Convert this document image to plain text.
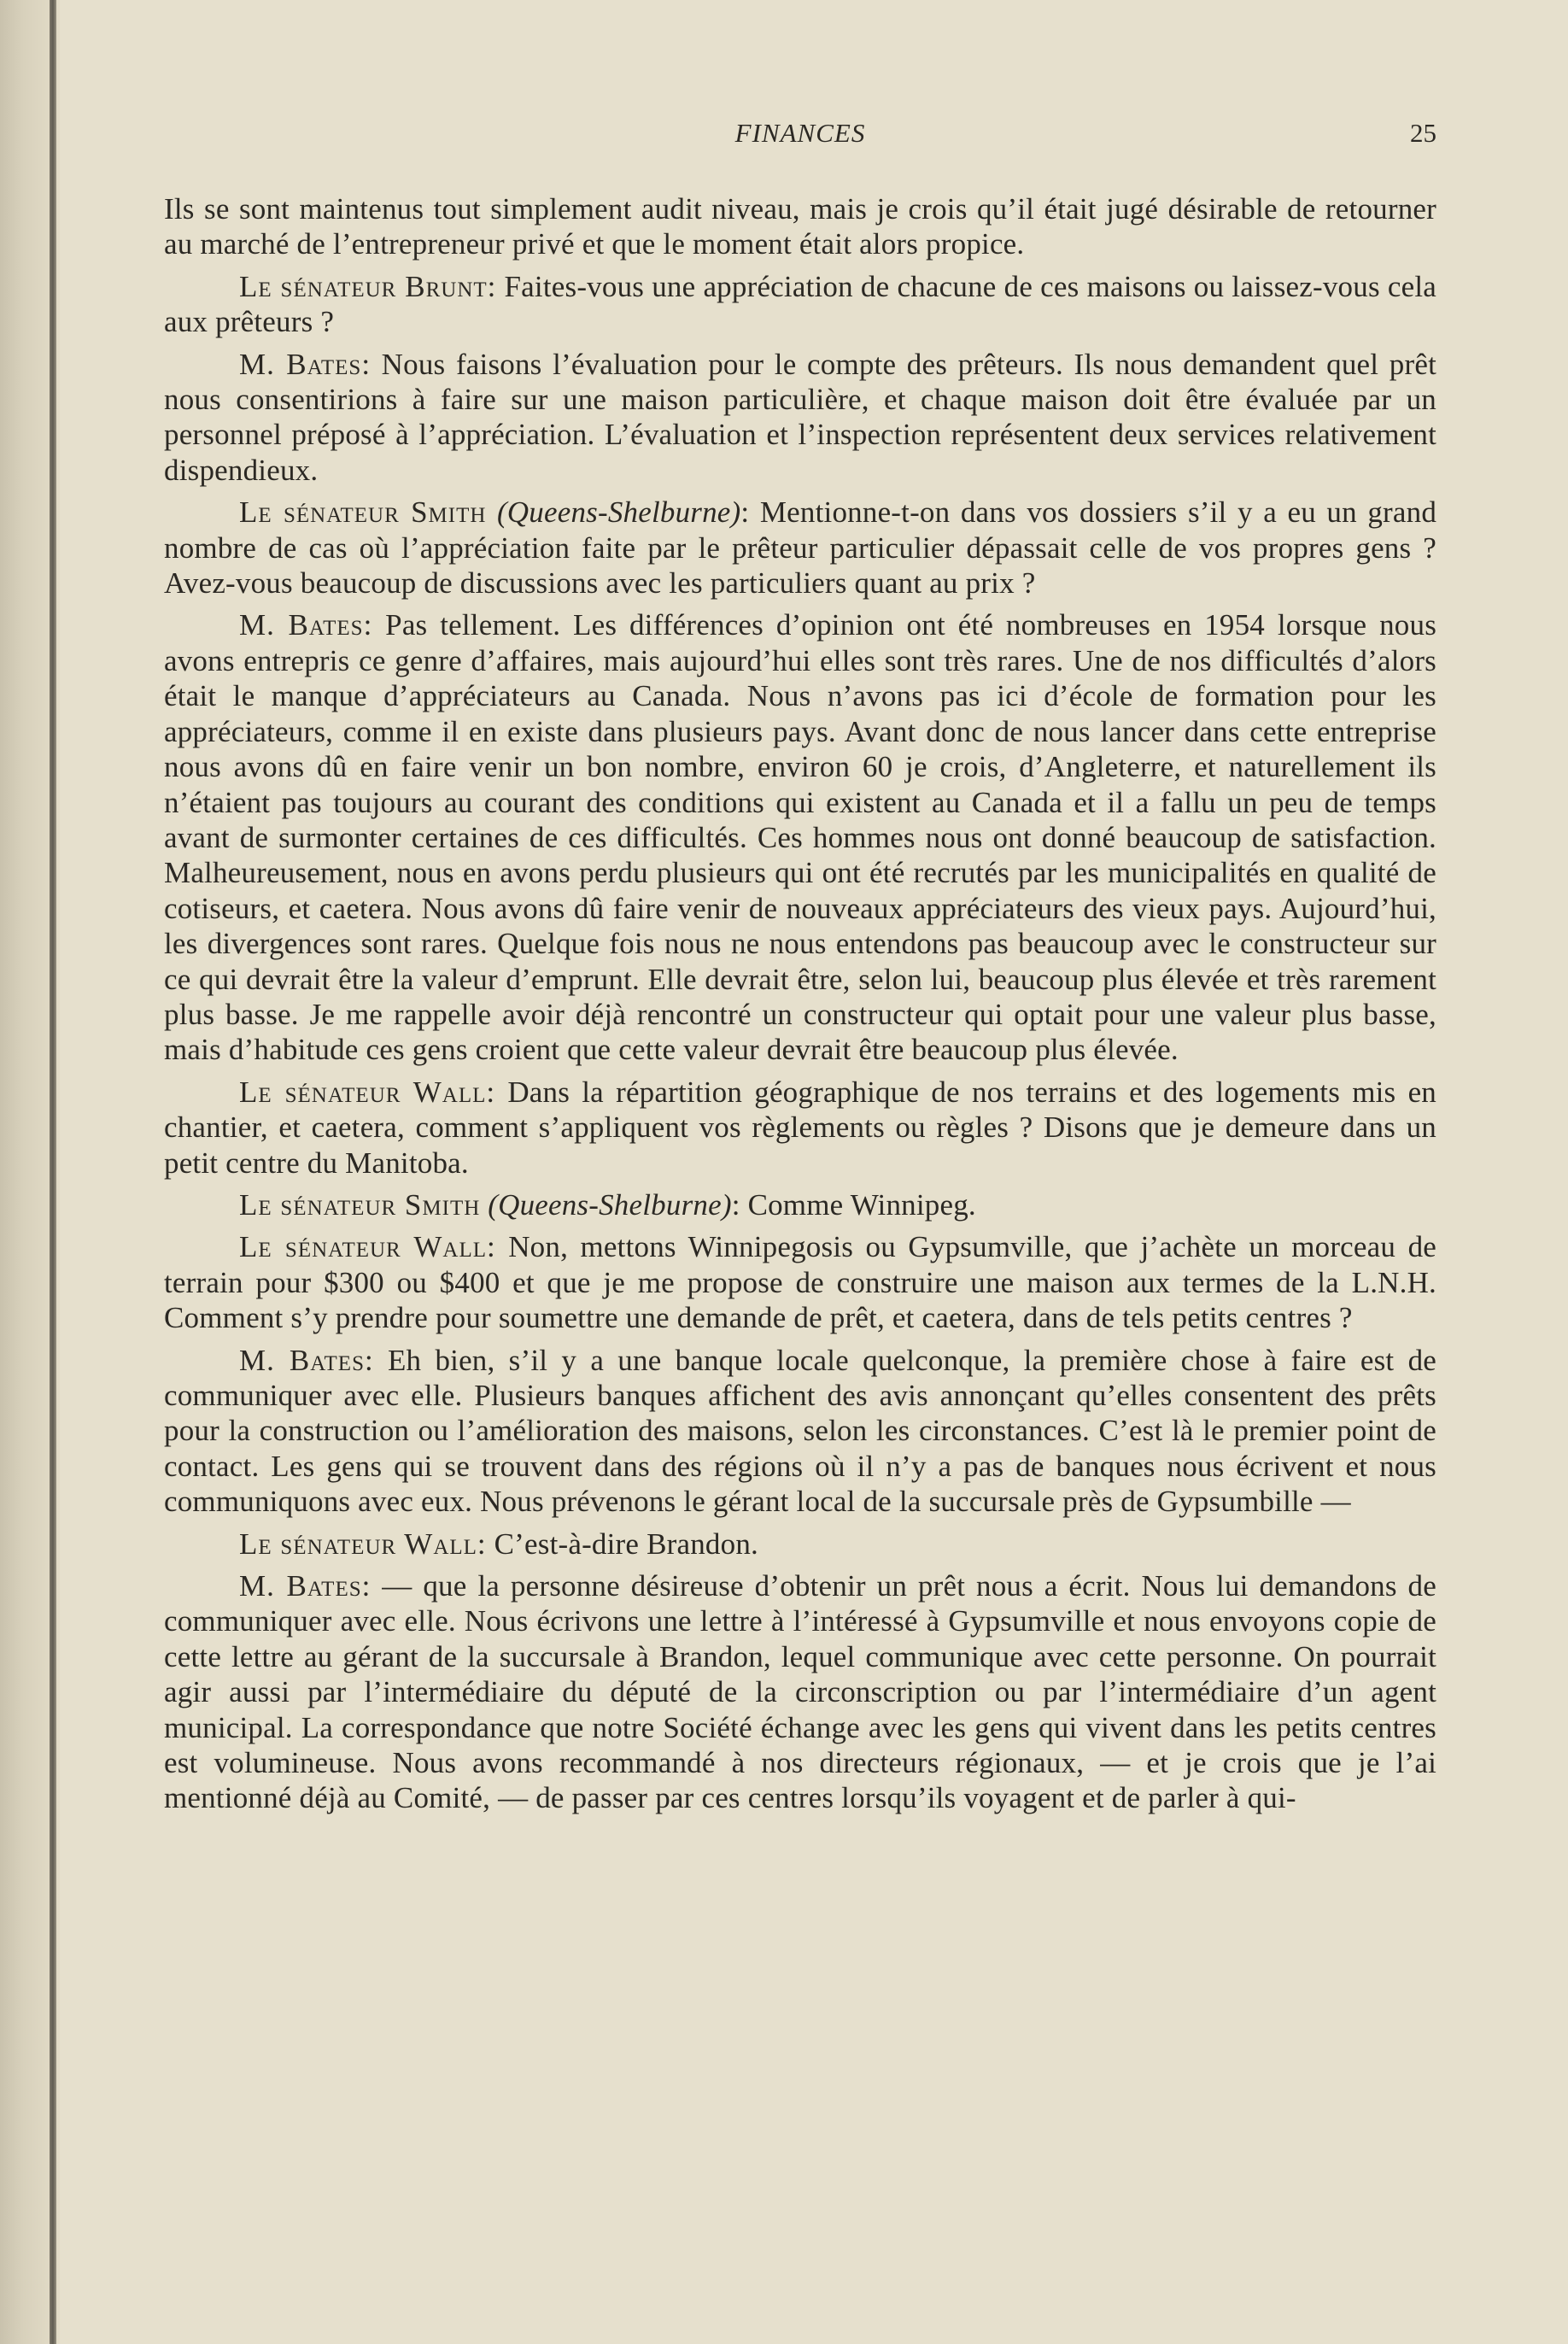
FINANCES	25

Ils se sont maintenus tout simplement audit niveau, mais je crois qu’il était jugé désirable de retourner au marché de l’entrepreneur privé et que le moment était alors propice.

Le sénateur Brunt: Faites-vous une appréciation de chacune de ces maisons ou laissez-vous cela aux prêteurs ?

M. Bates: Nous faisons l’évaluation pour le compte des prêteurs. Ils nous demandent quel prêt nous consentirions à faire sur une maison particulière, et chaque maison doit être évaluée par un personnel préposé à l’appréciation. L’évaluation et l’inspection représentent deux services relativement dispendieux.

Le sénateur Smith (Queens-Shelburne): Mentionne-t-on dans vos dossiers s’il y a eu un grand nombre de cas où l’appréciation faite par le prêteur particulier dépassait celle de vos propres gens ? Avez-vous beaucoup de discussions avec les particuliers quant au prix ?

M. Bates: Pas tellement. Les différences d’opinion ont été nombreuses en 1954 lorsque nous avons entrepris ce genre d’affaires, mais aujourd’hui elles sont très rares. Une de nos difficultés d’alors était le manque d’appréciateurs au Canada. Nous n’avons pas ici d’école de formation pour les appréciateurs, comme il en existe dans plusieurs pays. Avant donc de nous lancer dans cette entreprise nous avons dû en faire venir un bon nombre, environ 60 je crois, d’Angleterre, et naturellement ils n’étaient pas toujours au courant des conditions qui existent au Canada et il a fallu un peu de temps avant de surmonter certaines de ces difficultés. Ces hommes nous ont donné beaucoup de satisfaction. Malheureusement, nous en avons perdu plusieurs qui ont été recrutés par les municipalités en qualité de cotiseurs, et caetera. Nous avons dû faire venir de nouveaux appréciateurs des vieux pays. Aujourd’hui, les divergences sont rares. Quelque fois nous ne nous entendons pas beaucoup avec le constructeur sur ce qui devrait être la valeur d’emprunt. Elle devrait être, selon lui, beaucoup plus élevée et très rarement plus basse. Je me rappelle avoir déjà rencontré un constructeur qui optait pour une valeur plus basse, mais d’habitude ces gens croient que cette valeur devrait être beaucoup plus élevée.

Le sénateur Wall: Dans la répartition géographique de nos terrains et des logements mis en chantier, et caetera, comment s’appliquent vos règlements ou règles ? Disons que je demeure dans un petit centre du Manitoba.

Le sénateur Smith (Queens-Shelburne): Comme Winnipeg.

Le sénateur Wall: Non, mettons Winnipegosis ou Gypsumville, que j’achète un morceau de terrain pour $300 ou $400 et que je me propose de construire une maison aux termes de la L.N.H. Comment s’y prendre pour soumettre une demande de prêt, et caetera, dans de tels petits centres ?

M. Bates: Eh bien, s’il y a une banque locale quelconque, la première chose à faire est de communiquer avec elle. Plusieurs banques affichent des avis annonçant qu’elles consentent des prêts pour la construction ou l’amélioration des maisons, selon les circonstances. C’est là le premier point de contact. Les gens qui se trouvent dans des régions où il n’y a pas de banques nous écrivent et nous communiquons avec eux. Nous prévenons le gérant local de la succursale près de Gypsumbille —

Le sénateur Wall: C’est-à-dire Brandon.

M. Bates: — que la personne désireuse d’obtenir un prêt nous a écrit. Nous lui demandons de communiquer avec elle. Nous écrivons une lettre à l’intéressé à Gypsumville et nous envoyons copie de cette lettre au gérant de la succursale à Brandon, lequel communique avec cette personne. On pourrait agir aussi par l’intermédiaire du député de la circonscription ou par l’intermédiaire d’un agent municipal. La correspondance que notre Société échange avec les gens qui vivent dans les petits centres est volumineuse. Nous avons recommandé à nos directeurs régionaux, — et je crois que je l’ai mentionné déjà au Comité, — de passer par ces centres lorsqu’ils voyagent et de parler à qui-
